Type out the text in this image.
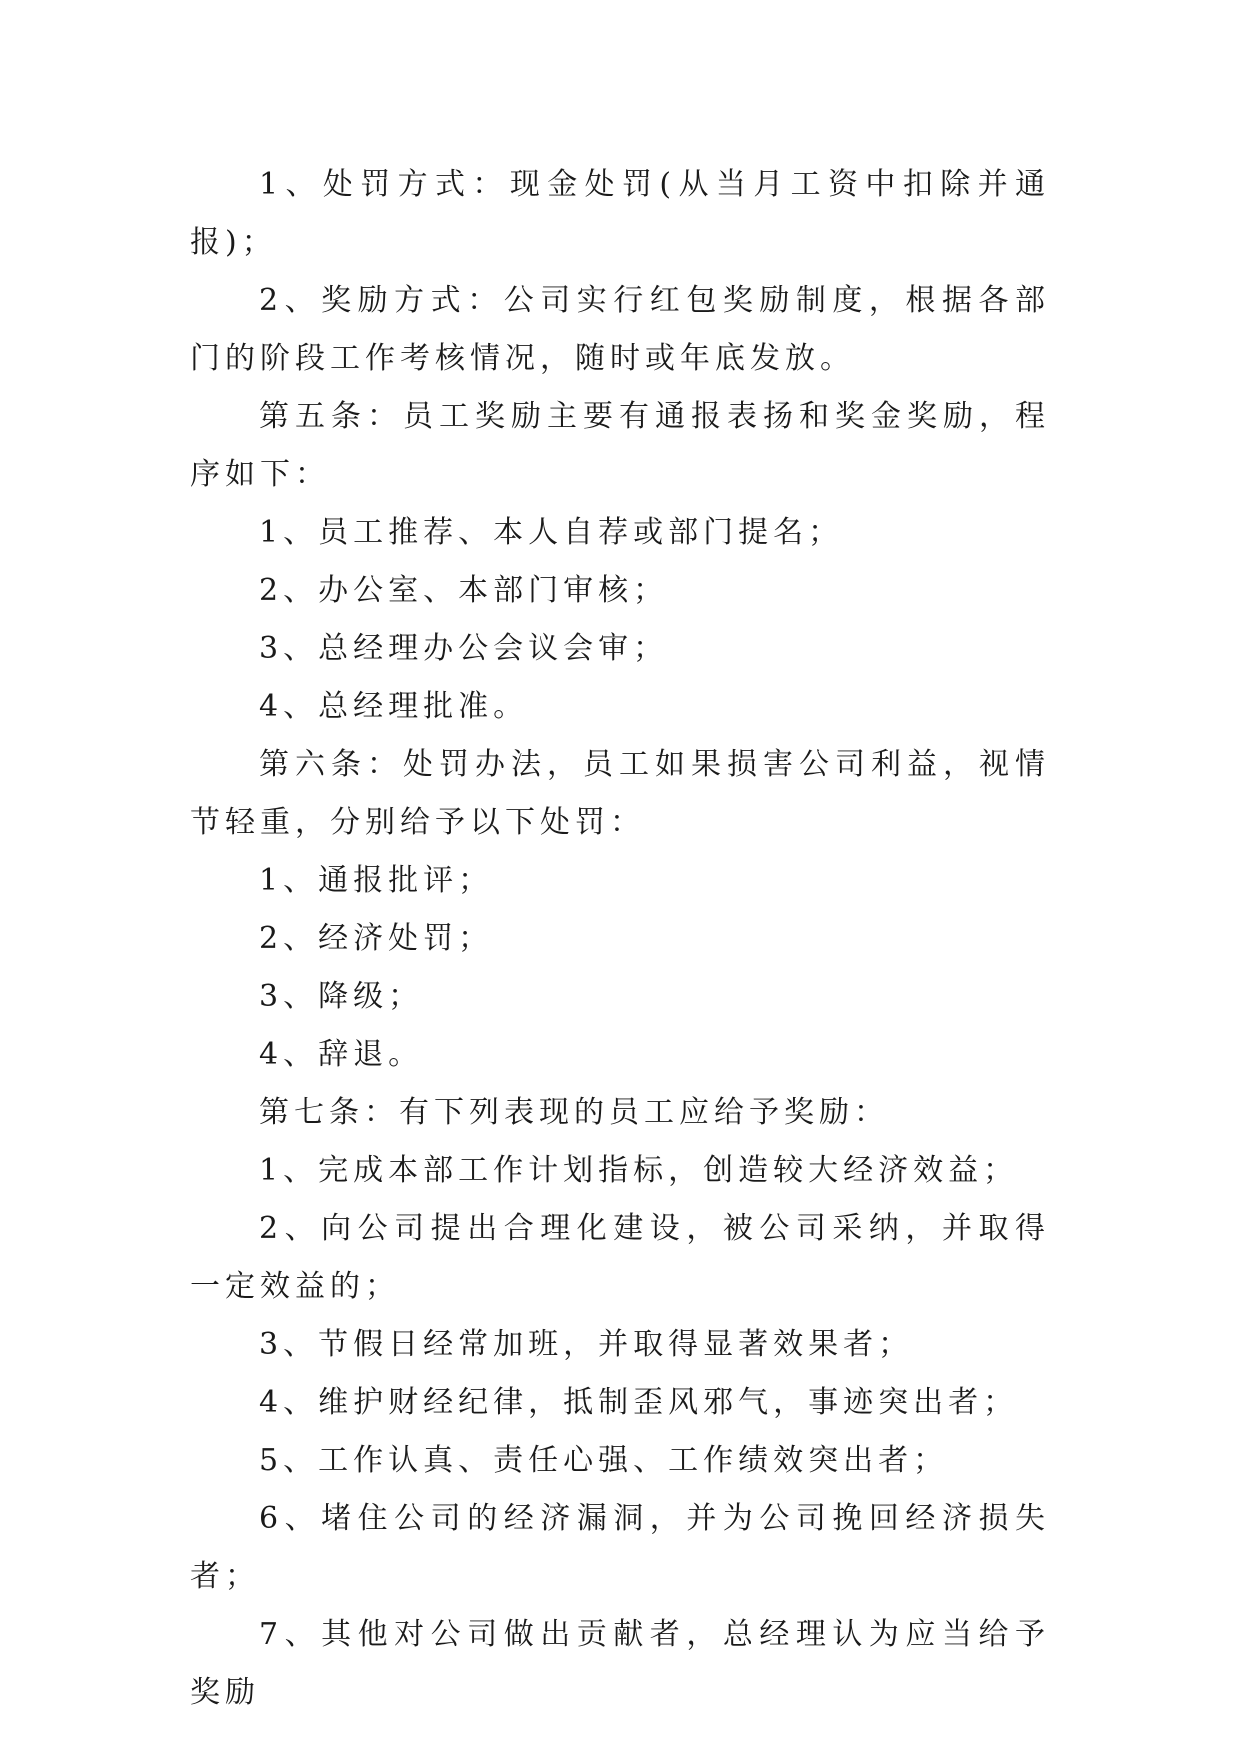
1、处罚方式：现金处罚(从当月工资中扣除并通报)；

2、奖励方式：公司实行红包奖励制度，根据各部门的阶段工作考核情况，随时或年底发放。

第五条：员工奖励主要有通报表扬和奖金奖励，程序如下：

1、员工推荐、本人自荐或部门提名；

2、办公室、本部门审核；

3、总经理办公会议会审；

4、总经理批准。

第六条：处罚办法，员工如果损害公司利益，视情节轻重，分别给予以下处罚：

1、通报批评；

2、经济处罚；

3、降级；

4、辞退。

第七条：有下列表现的员工应给予奖励：

1、完成本部工作计划指标，创造较大经济效益；

2、向公司提出合理化建设，被公司采纳，并取得一定效益的；

3、节假日经常加班，并取得显著效果者；

4、维护财经纪律，抵制歪风邪气，事迹突出者；

5、工作认真、责任心强、工作绩效突出者；

6、堵住公司的经济漏洞，并为公司挽回经济损失者；

7、其他对公司做出贡献者，总经理认为应当给予奖励
